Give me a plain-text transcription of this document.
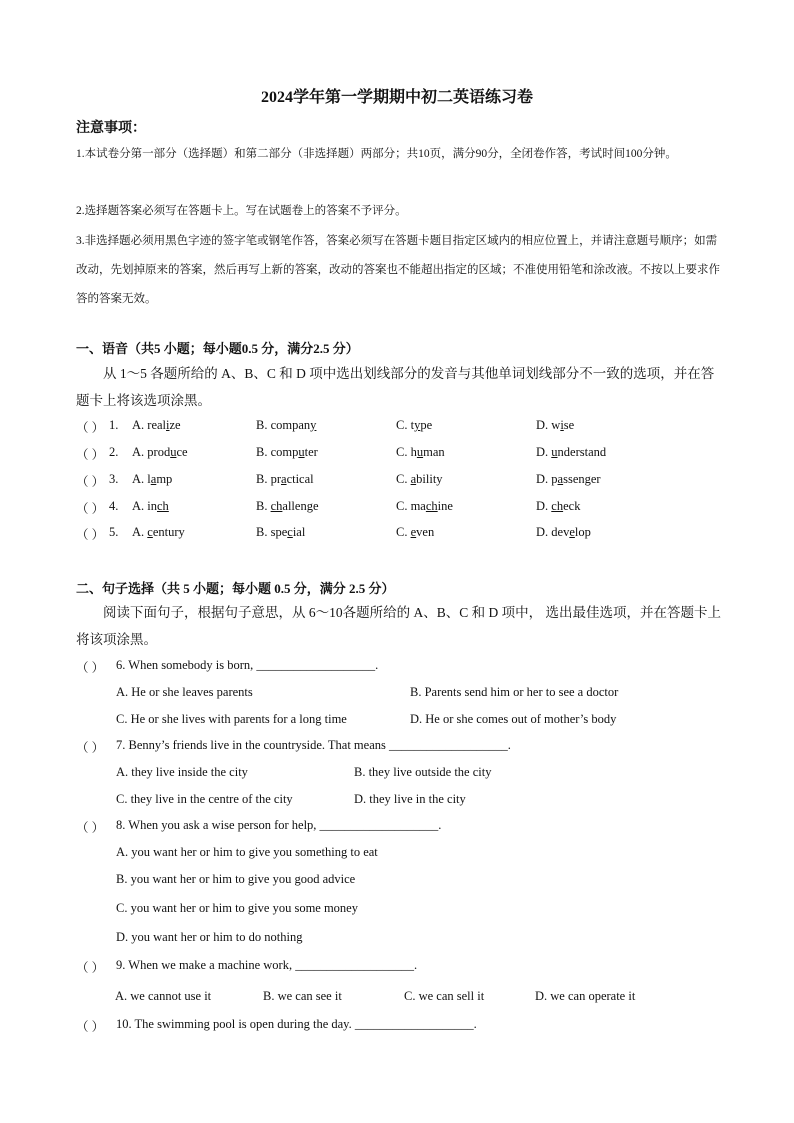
2024学年第一学期期中初二英语练习卷
注意事项：
1.本试卷分第一部分（选择题）和第二部分（非选择题）两部分；共10页，满分90分，全闭卷作答，考试时间100分钟。
2.选择题答案必须写在答题卡上。写在试题卷上的答案不予评分。
3.非选择题必须用黑色字迹的签字笔或钢笔作答，答案必须写在答题卡题目指定区域内的相应位置上，并请注意题号顺序；如需改动，先划掉原来的答案，然后再写上新的答案，改动的答案也不能超出指定的区域；不准使用铅笔和涂改液。不按以上要求作答的答案无效。
一、语音（共5 小题；每小题0.5 分，满分2.5 分）
从 1～5 各题所给的 A、B、C 和 D 项中选出划线部分的发音与其他单词划线部分不一致的选项，并在答题卡上将该选项涂黑。
（ ） 1. A. realize	B. company	C. type	D. wise
（ ） 2. A. produce	B. computer	C. human	D. understand
（ ） 3. A. lamp	B. practical	C. ability	D. passenger
（ ） 4. A. inch	B. challenge	C. machine	D. check
（ ） 5. A. century	B. special	C. even	D. develop
二、句子选择（共 5 小题；每小题 0.5 分，满分 2.5 分）
阅读下面句子，根据句子意思，从 6～10各题所给的 A、B、C 和 D 项中， 选出最佳选项，并在答题卡上将该项涂黑。
（ ） 6. When somebody is born, ___________________.
A. He or she leaves parents	B. Parents send him or her to see a doctor
C. He or she lives with parents for a long time	D. He or she comes out of mother’s body
（ ） 7. Benny’s friends live in the countryside. That means ___________________.
A. they live inside the city	B. they live outside the city
C. they live in the centre of the city	D. they live in the city
（ ） 8. When you ask a wise person for help, ___________________.
A. you want her or him to give you something to eat
B. you want her or him to give you good advice
C. you want her or him to give you some money
D. you want her or him to do nothing
（ ） 9. When we make a machine work, ___________________.
A. we cannot use it	B. we can see it	C. we can sell it	D. we can operate it
（ ） 10. The swimming pool is open during the day. ___________________.
